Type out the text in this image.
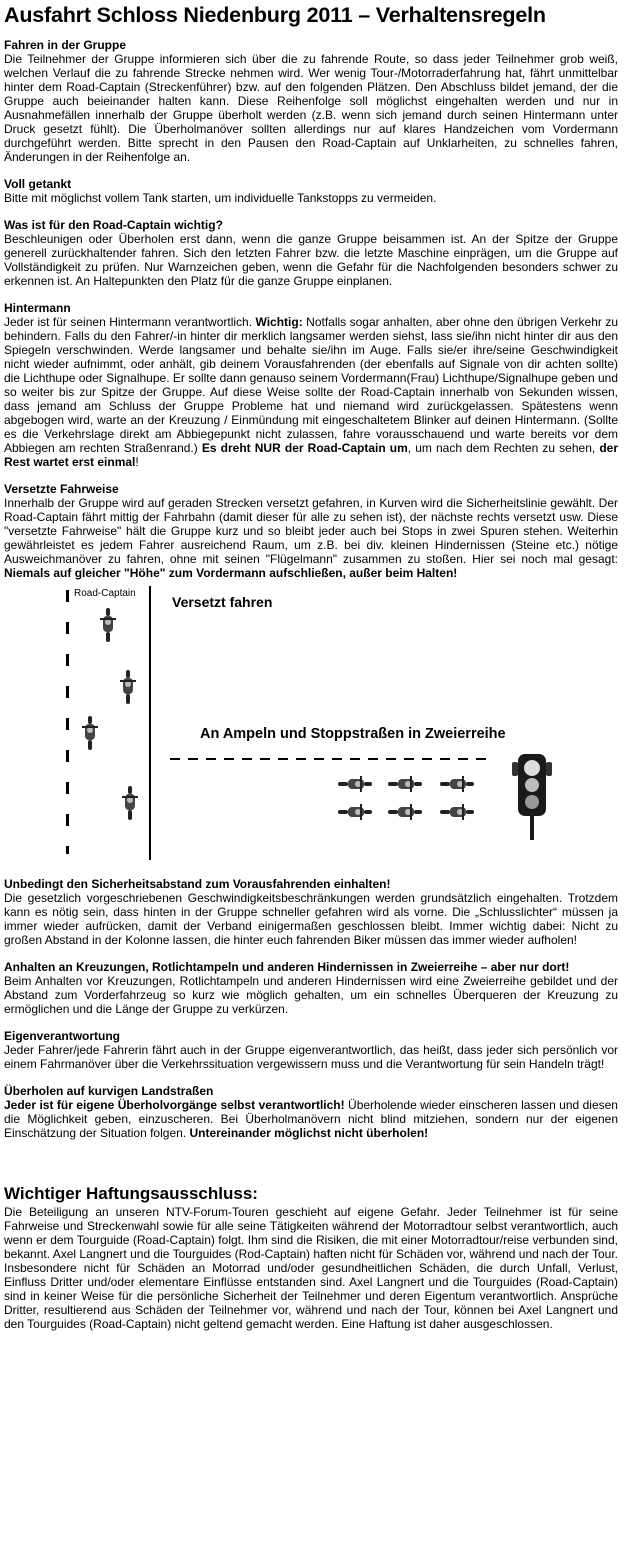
Ausfahrt Schloss Niedenburg 2011 – Verhaltensregeln
Fahren in der Gruppe

Die Teilnehmer der Gruppe informieren sich über die zu fahrende Route, so dass jeder Teilnehmer grob weiß, welchen Verlauf die zu fahrende Strecke nehmen wird. Wer wenig Tour-/Motorraderfahrung hat, fährt unmittelbar hinter dem Road-Captain (Streckenführer) bzw. auf den folgenden Plätzen. Den Abschluss bildet jemand, der die Gruppe auch beieinander halten kann. Diese Reihenfolge soll möglichst eingehalten werden und nur in Ausnahmefällen innerhalb der Gruppe überholt werden (z.B. wenn sich jemand durch seinen Hintermann unter Druck gesetzt fühlt). Die Überholmanöver sollten allerdings nur auf klares Handzeichen vom Vordermann durchgeführt werden. Bitte sprecht in den Pausen den Road-Captain auf Unklarheiten, zu schnelles fahren, Änderungen in der Reihenfolge an.

Voll getankt

Bitte mit möglichst vollem Tank starten, um individuelle Tankstopps zu vermeiden.

Was ist für den Road-Captain wichtig?

Beschleunigen oder Überholen erst dann, wenn die ganze Gruppe beisammen ist. An der Spitze der Gruppe generell zurückhaltender fahren. Sich den letzten Fahrer bzw. die letzte Maschine einprägen, um die Gruppe auf Vollständigkeit zu prüfen. Nur Warnzeichen geben, wenn die Gefahr für die Nachfolgenden besonders schwer zu erkennen ist. An Haltepunkten den Platz für die ganze Gruppe einplanen.

Hintermann

Jeder ist für seinen Hintermann verantwortlich. Wichtig: Notfalls sogar anhalten, aber ohne den übrigen Verkehr zu behindern. Falls du den Fahrer/-in hinter dir merklich langsamer werden siehst, lass sie/ihn nicht hinter dir aus den Spiegeln verschwinden. Werde langsamer und behalte sie/ihn im Auge. Falls sie/er ihre/seine Geschwindigkeit nicht wieder aufnimmt, oder anhält, gib deinem Vorausfahrenden (der ebenfalls auf Signale von dir achten sollte) die Lichthupe oder Signalhupe. Er sollte dann genauso seinem Vordermann(Frau) Lichthupe/Signalhupe geben und so weiter bis zur Spitze der Gruppe. Auf diese Weise sollte der Road-Captain innerhalb von Sekunden wissen, dass jemand am Schluss der Gruppe Probleme hat und niemand wird zurückgelassen. Spätestens wenn abgebogen wird, warte an der Kreuzung / Einmündung mit eingeschaltetem Blinker auf deinen Hintermann. (Sollte es die Verkehrslage direkt am Abbiegepunkt nicht zulassen, fahre vorausschauend und warte bereits vor dem Abbiegen am rechten Straßenrand.) Es dreht NUR der Road-Captain um, um nach dem Rechten zu sehen, der Rest wartet erst einmal!

Versetzte Fahrweise

Innerhalb der Gruppe wird auf geraden Strecken versetzt gefahren, in Kurven wird die Sicherheitslinie gewählt. Der Road-Captain fährt mittig der Fahrbahn (damit dieser für alle zu sehen ist), der nächste rechts versetzt usw. Diese "versetzte Fahrweise" hält die Gruppe kurz und so bleibt jeder auch bei Stops in zwei Spuren stehen. Weiterhin gewährleistet es jedem Fahrer ausreichend Raum, um z.B. bei div. kleinen Hindernissen (Steine etc.) nötige Ausweichmanöver zu fahren, ohne mit seinen "Flügelmann" zusammen zu stoßen. Hier sei noch mal gesagt: Niemals auf gleicher "Höhe" zum Vordermann aufschließen, außer beim Halten!

Road-Captain
Versetzt fahren
An Ampeln und Stoppstraßen in Zweierreihe
Unbedingt den Sicherheitsabstand zum Vorausfahrenden einhalten!

Die gesetzlich vorgeschriebenen Geschwindigkeitsbeschränkungen werden grundsätzlich eingehalten. Trotzdem kann es nötig sein, dass hinten in der Gruppe schneller gefahren wird als vorne. Die „Schlusslichter“ müssen ja immer wieder aufrücken, damit der Verband einigermaßen geschlossen bleibt. Immer wichtig dabei: Nicht zu großen Abstand in der Kolonne lassen, die hinter euch fahrenden Biker müssen das immer wieder aufholen!

Anhalten an Kreuzungen, Rotlichtampeln und anderen Hindernissen in Zweierreihe – aber nur dort!

Beim Anhalten vor Kreuzungen, Rotlichtampeln und anderen Hindernissen wird eine Zweierreihe gebildet und der Abstand zum Vorderfahrzeug so kurz wie möglich gehalten, um ein schnelles Überqueren der Kreuzung zu ermöglichen und die Länge der Gruppe zu verkürzen.

Eigenverantwortung

Jeder Fahrer/jede Fahrerin fährt auch in der Gruppe eigenverantwortlich, das heißt, dass jeder sich persönlich vor einem Fahrmanöver über die Verkehrssituation vergewissern muss und die Verantwortung für sein Handeln trägt!

Überholen auf kurvigen Landstraßen

Jeder ist für eigene Überholvorgänge selbst verantwortlich! Überholende wieder einscheren lassen und diesen die Möglichkeit geben, einzuscheren. Bei Überholmanövern nicht blind mitziehen, sondern nur der eigenen Einschätzung der Situation folgen. Untereinander möglichst nicht überholen!

Wichtiger Haftungsausschluss:

Die Beteiligung an unseren NTV-Forum-Touren geschieht auf eigene Gefahr. Jeder Teilnehmer ist für seine Fahrweise und Streckenwahl sowie für alle seine Tätigkeiten während der Motorradtour selbst verantwortlich, auch wenn er dem Tourguide (Road-Captain) folgt. Ihm sind die Risiken, die mit einer Motorradtour/reise verbunden sind, bekannt. Axel Langnert und die Tourguides (Rod-Captain) haften nicht für Schäden vor, während und nach der Tour. Insbesondere nicht für Schäden an Motorrad und/oder gesundheitlichen Schäden, die durch Unfall, Verlust, Einfluss Dritter und/oder elementare Einflüsse entstanden sind. Axel Langnert und die Tourguides (Road-Captain) sind in keiner Weise für die persönliche Sicherheit der Teilnehmer und deren Eigentum verantwortlich. Ansprüche Dritter, resultierend aus Schäden der Teilnehmer vor, während und nach der Tour, können bei Axel Langnert und den Tourguides (Road-Captain) nicht geltend gemacht werden. Eine Haftung ist daher ausgeschlossen.
